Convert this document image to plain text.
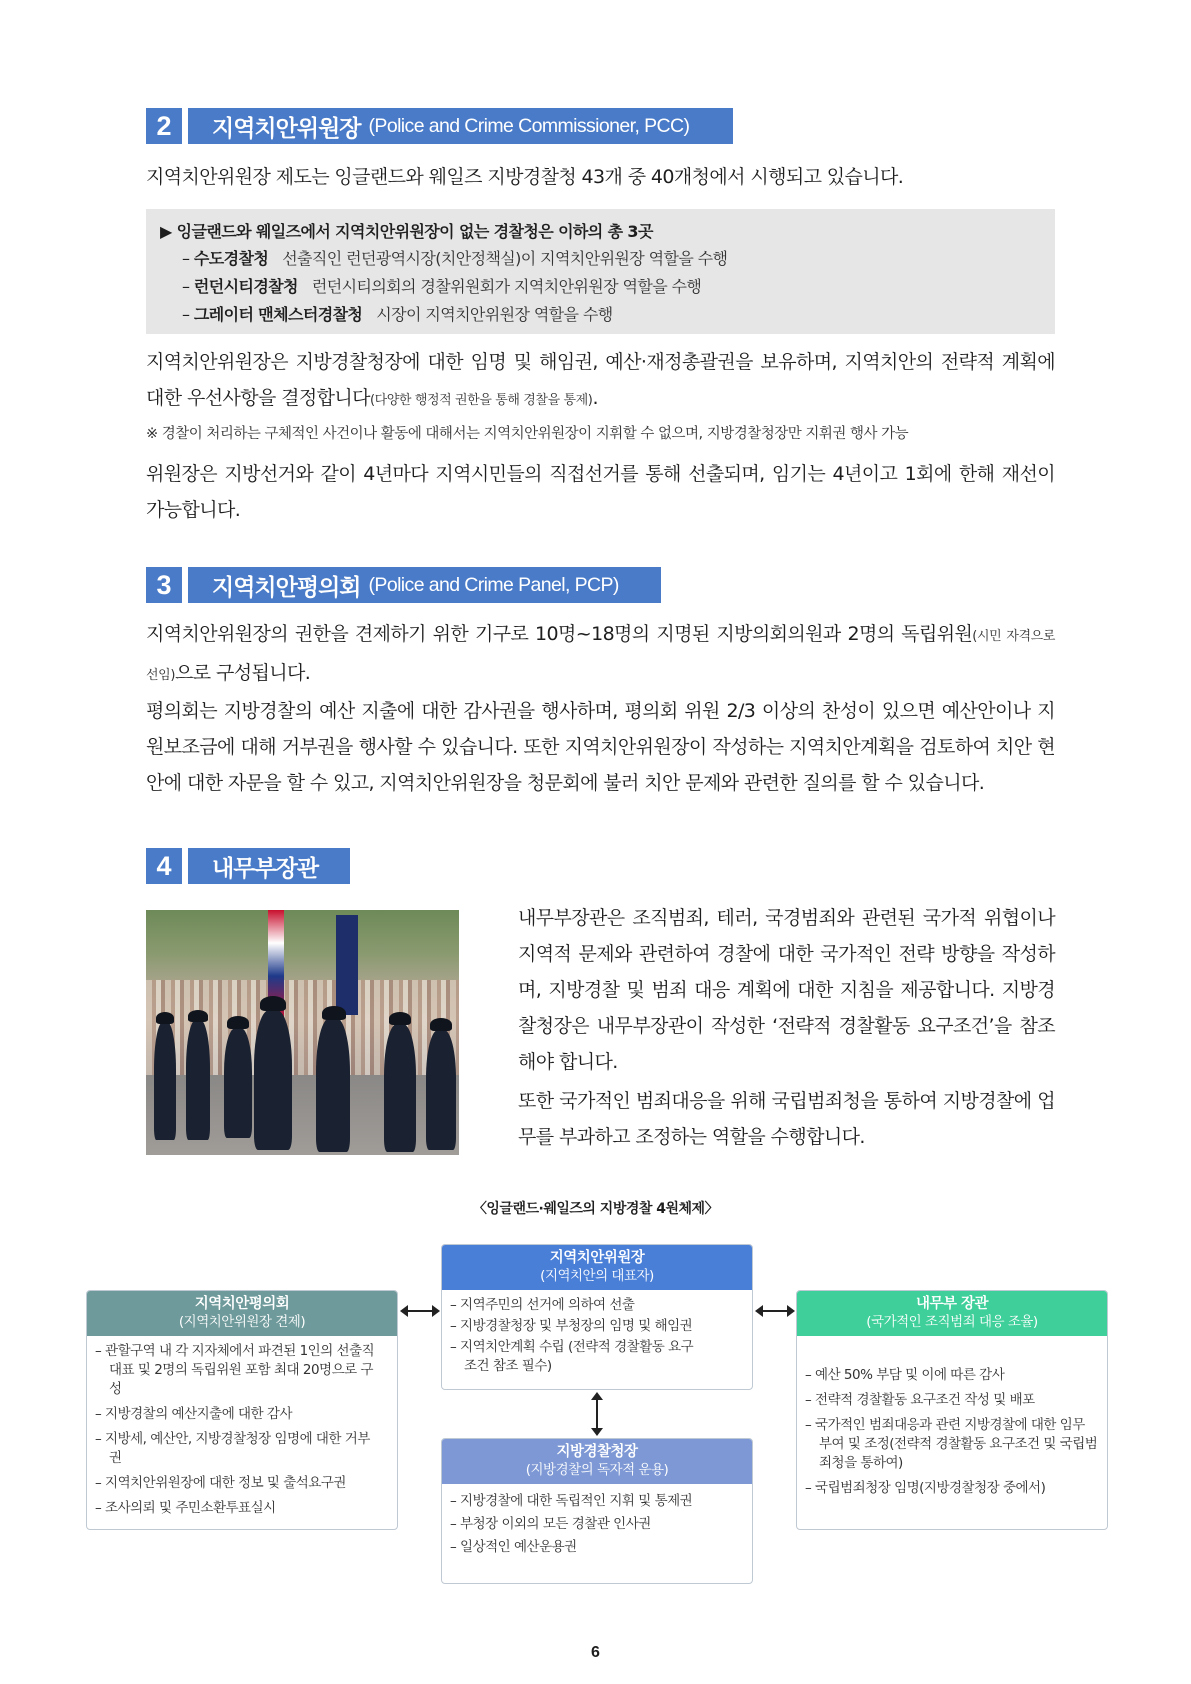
2	지역치안위원장 (Police and Crime Commissioner, PCC)
지역치안위원장 제도는 잉글랜드와 웨일즈 지방경찰청 43개 중 40개청에서 시행되고 있습니다.
▶ 잉글랜드와 웨일즈에서 지역치안위원장이 없는 경찰청은 이하의 총 3곳
– 수도경찰청 선출직인 런던광역시장(치안정책실)이 지역치안위원장 역할을 수행
– 런던시티경찰청 런던시티의회의 경찰위원회가 지역치안위원장 역할을 수행
– 그레이터 맨체스터경찰청 시장이 지역치안위원장 역할을 수행
지역치안위원장은 지방경찰청장에 대한 임명 및 해임권, 예산·재정총괄권을 보유하며, 지역치안의 전략적 계획에 대한 우선사항을 결정합니다(다양한 행정적 권한을 통해 경찰을 통제).
※ 경찰이 처리하는 구체적인 사건이나 활동에 대해서는 지역치안위원장이 지휘할 수 없으며, 지방경찰청장만 지휘권 행사 가능
위원장은 지방선거와 같이 4년마다 지역시민들의 직접선거를 통해 선출되며, 임기는 4년이고 1회에 한해 재선이 가능합니다.
3	지역치안평의회 (Police and Crime Panel, PCP)
지역치안위원장의 권한을 견제하기 위한 기구로 10명~18명의 지명된 지방의회의원과 2명의 독립위원(시민 자격으로 선임)으로 구성됩니다.
평의회는 지방경찰의 예산 지출에 대한 감사권을 행사하며, 평의회 위원 2/3 이상의 찬성이 있으면 예산안이나 지원보조금에 대해 거부권을 행사할 수 있습니다. 또한 지역치안위원장이 작성하는 지역치안계획을 검토하여 치안 현안에 대한 자문을 할 수 있고, 지역치안위원장을 청문회에 불러 치안 문제와 관련한 질의를 할 수 있습니다.
4	내무부장관
내무부장관은 조직범죄, 테러, 국경범죄와 관련된 국가적 위협이나 지역적 문제와 관련하여 경찰에 대한 국가적인 전략 방향을 작성하며, 지방경찰 및 범죄 대응 계획에 대한 지침을 제공합니다. 지방경찰청장은 내무부장관이 작성한 ‘전략적 경찰활동 요구조건’을 참조해야 합니다.
또한 국가적인 범죄대응을 위해 국립범죄청을 통하여 지방경찰에 업무를 부과하고 조정하는 역할을 수행합니다.
〈잉글랜드·웨일즈의 지방경찰 4원체제〉
지역치안위원장
(지역치안의 대표자)
– 지역주민의 선거에 의하여 선출
– 지방경찰청장 및 부청장의 임명 및 해임권
– 지역치안계획 수립 (전략적 경찰활동 요구조건 참조 필수)
지역치안평의회
(지역치안위원장 견제)
– 관할구역 내 각 지자체에서 파견된 1인의 선출직 대표 및 2명의 독립위원 포함 최대 20명으로 구성
– 지방경찰의 예산지출에 대한 감사
– 지방세, 예산안, 지방경찰청장 임명에 대한 거부권
– 지역치안위원장에 대한 정보 및 출석요구권
– 조사의뢰 및 주민소환투표실시
내무부 장관
(국가적인 조직범죄 대응 조율)
– 예산 50% 부담 및 이에 따른 감사
– 전략적 경찰활동 요구조건 작성 및 배포
– 국가적인 범죄대응과 관련 지방경찰에 대한 임무 부여 및 조정(전략적 경찰활동 요구조건 및 국립범죄청을 통하여)
– 국립범죄청장 임명(지방경찰청장 중에서)
지방경찰청장
(지방경찰의 독자적 운용)
– 지방경찰에 대한 독립적인 지휘 및 통제권
– 부청장 이외의 모든 경찰관 인사권
– 일상적인 예산운용권
6
